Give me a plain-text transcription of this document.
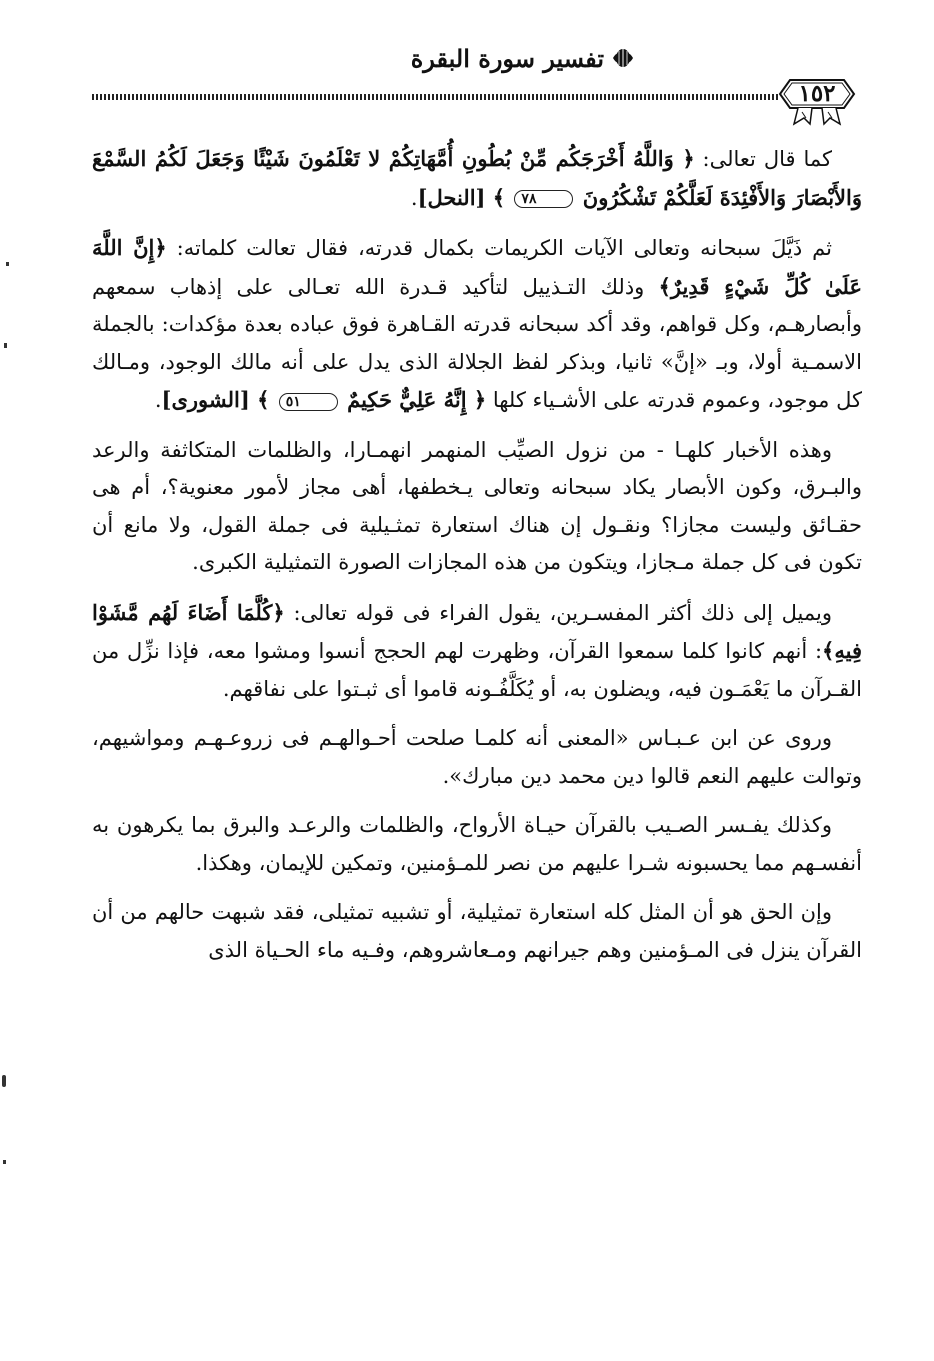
تفسير سورة البقرة
١٥٢

كما قال تعالى: ﴿ وَاللَّهُ أَخْرَجَكُم مِّنْ بُطُونِ أُمَّهَاتِكُمْ لا تَعْلَمُونَ شَيْئًا وَجَعَلَ لَكُمُ السَّمْعَ وَالأَبْصَارَ وَالأَفْئِدَةَ لَعَلَّكُمْ تَشْكُرُونَ ٧٨ ﴾ [النحل].

ثم ذَيَّلَ سبحانه وتعالى الآيات الكريمات بكمال قدرته، فقال تعالت كلماته: ﴿إِنَّ اللَّهَ عَلَىٰ كُلِّ شَيْءٍ قَدِيرٌ﴾ وذلك التـذييل لتأكيد قـدرة الله تعـالى على إذهاب سمعهم وأبصارهـم، وكل قواهم، وقد أكد سبحانه قدرته القـاهرة فوق عباده بعدة مؤكدات: بالجملة الاسمـية أولا، وبـ «إنَّ» ثانيا، وبذكر لفظ الجلالة الذى يدل على أنه مالك الوجود، ومـالك كل موجود، وعموم قدرته على الأشـياء كلها ﴿ إِنَّهُ عَلِيٌّ حَكِيمٌ ٥١ ﴾ [الشورى].

وهذه الأخبار كلهـا - من نزول الصيِّب المنهمر انهمـارا، والظلمات المتكاثفة والرعد والبـرق، وكون الأبصار يكاد سبحانه وتعالى يـخطفها، أهى مجاز لأمور معنوية؟، أم هى حقـائق وليست مجازا؟ ونقـول إن هناك استعارة تمثـيلية فى جملة القول، ولا مانع أن تكون فى كل جملة مـجازا، ويتكون من هذه المجازات الصورة التمثيلية الكبرى.

ويميل إلى ذلك أكثر المفسـرين، يقول الفراء فى قوله تعالى: ﴿كُلَّمَا أَضَاءَ لَهُم مَّشَوْا فِيهِ﴾: أنهم كانوا كلما سمعوا القرآن، وظهرت لهم الحجج أنسوا ومشوا معه، فإذا نزِّل من القـرآن ما يَعْمَـون فيه، ويضلون به، أو يُكَلَّفُـونه قاموا أى ثبـتوا على نفاقهم.

وروى عن ابن عـبـاس «المعنى أنه كلمـا صلحت أحـوالهـم فى زروعـهـم ومواشيهم، وتوالت عليهم النعم قالوا دين محمد دين مبارك».

وكذلك يفـسر الصـيب بالقرآن حيـاة الأرواح، والظلمات والرعـد والبرق بما يكرهون به أنفسـهم مما يحسبونه شـرا عليهم من نصر للمـؤمنين، وتمكين للإيمان، وهكذا.

وإن الحق هو أن المثل كله استعارة تمثيلية، أو تشبيه تمثيلى، فقد شبهت حالهم من أن القرآن ينزل فى المـؤمنين وهم جيرانهم ومـعاشروهم، وفـيه ماء الحـياة الذى
